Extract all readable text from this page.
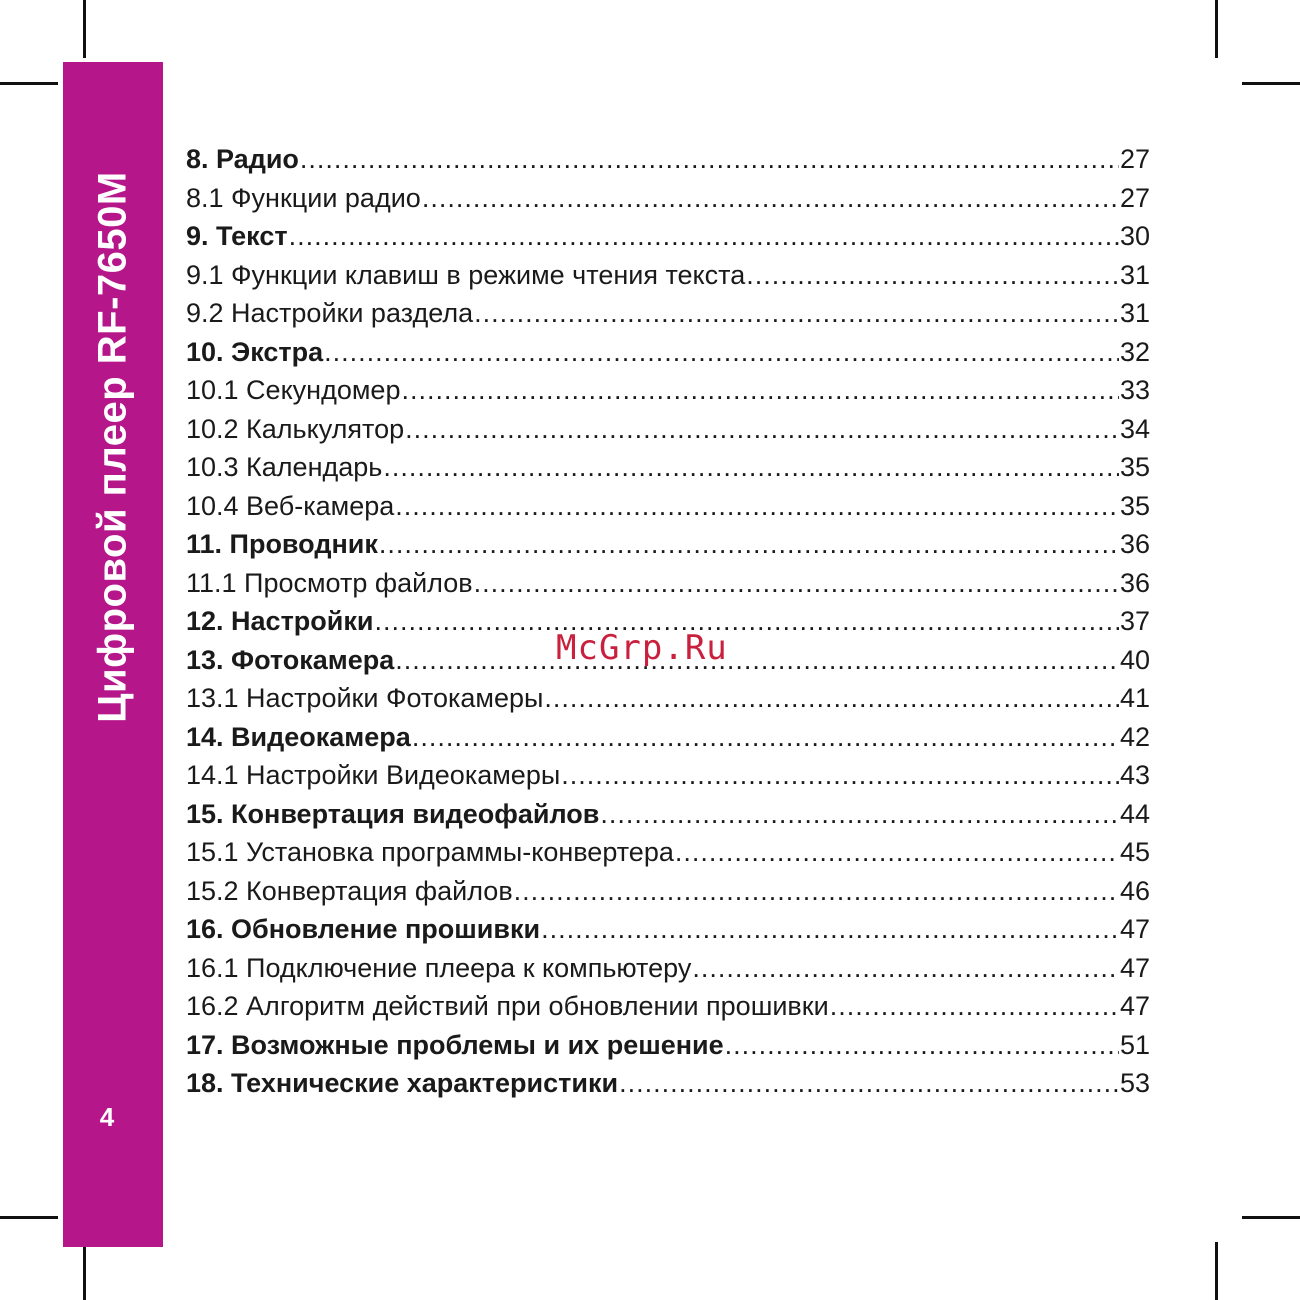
Цифровой плеер RF-7650M
4
8. Радио .....	27
8.1 Функции радио .....	27
9. Текст .....	30
9.1 Функции клавиш в режиме чтения текста .....	31
9.2 Настройки раздела .....	31
10. Экстра .....	32
10.1 Секундомер .....	33
10.2 Калькулятор .....	34
10.3 Календарь .....	35
10.4 Веб-камера .....	35
11. Проводник .....	36
11.1 Просмотр файлов .....	36
12. Настройки .....	37
13. Фотокамера .....	40
13.1 Настройки Фотокамеры .....	41
14. Видеокамера .....	42
14.1 Настройки Видеокамеры .....	43
15. Конвертация видеофайлов .....	44
15.1 Установка программы-конвертера .....	45
15.2 Конвертация файлов .....	46
16. Обновление прошивки .....	47
16.1 Подключение плеера к компьютеру .....	47
16.2 Алгоритм действий при обновлении прошивки .....	47
17. Возможные проблемы и их решение .....	51
18. Технические характеристики .....	53
McGrp.Ru
